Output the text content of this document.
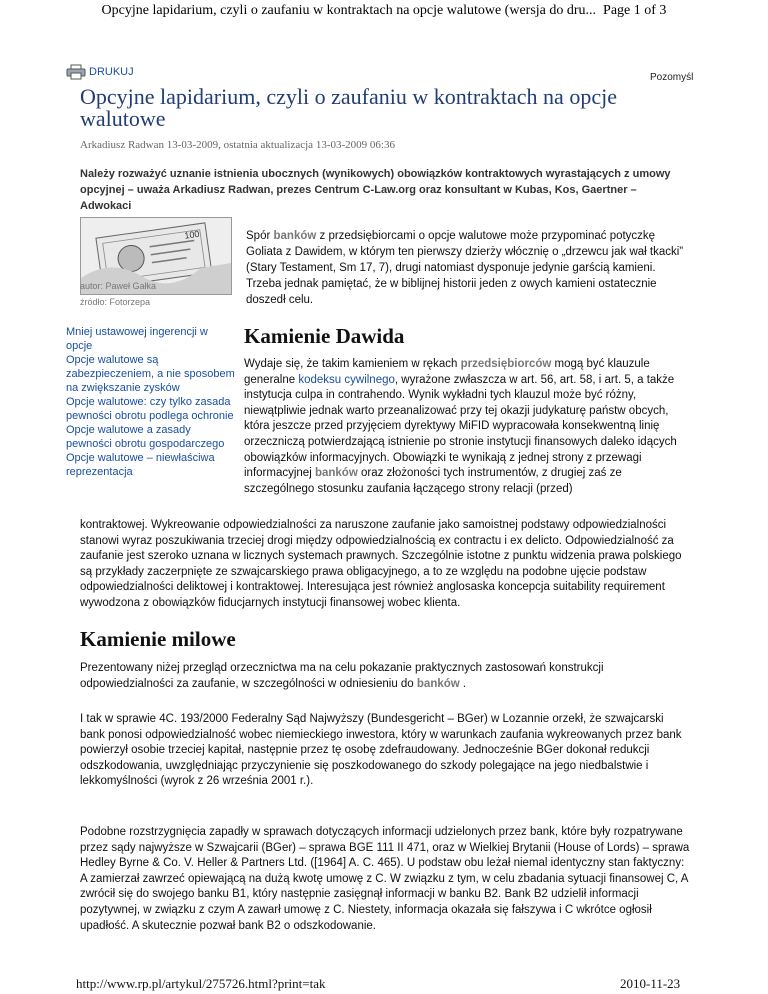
Opcyjne lapidarium, czyli o zaufaniu w kontraktach na opcje walutowe (wersja do dru... Page 1 of 3
DRUKUJ	Pozomyśl
Opcyjne lapidarium, czyli o zaufaniu w kontraktach na opcje walutowe
Arkadiusz Radwan 13-03-2009, ostatnia aktualizacja 13-03-2009 06:36
Należy rozważyć uznanie istnienia ubocznych (wynikowych) obowiązków kontraktowych wyrastających z umowy opcyjnej – uważa Arkadiusz Radwan, prezes Centrum C-Law.org oraz konsultant w Kubas, Kos, Gaertner – Adwokaci
100
autor: Paweł Gałka
źródło: Fotorzepa
Mniej ustawowej ingerencji w opcje
Opcje walutowe są zabezpieczeniem, a nie sposobem na zwiększanie zysków
Opcje walutowe: czy tylko zasada pewności obrotu podlega ochronie
Opcje walutowe a zasady pewności obrotu gospodarczego
Opcje walutowe – niewłaściwa reprezentacja
Spór banków z przedsiębiorcami o opcje walutowe może przypominać potyczkę Goliata z Dawidem, w którym ten pierwszy dzierży włócznię o „drzewcu jak wał tkacki” (Stary Testament, Sm 17, 7), drugi natomiast dysponuje jedynie garścią kamieni. Trzeba jednak pamiętać, że w biblijnej historii jeden z owych kamieni ostatecznie doszedł celu.
Kamienie Dawida
Wydaje się, że takim kamieniem w rękach przedsiębiorców mogą być klauzule generalne kodeksu cywilnego, wyrażone zwłaszcza w art. 56, art. 58, i art. 5, a także instytucja culpa in contrahendo. Wynik wykładni tych klauzul może być różny, niewątpliwie jednak warto przeanalizować przy tej okazji judykaturę państw obcych, która jeszcze przed przyjęciem dyrektywy MiFID wypracowała konsekwentną linię orzeczniczą potwierdzającą istnienie po stronie instytucji finansowych daleko idących obowiązków informacyjnych. Obowiązki te wynikają z jednej strony z przewagi informacyjnej banków oraz złożoności tych instrumentów, z drugiej zaś ze szczególnego stosunku zaufania łączącego strony relacji (przed)
kontraktowej. Wykreowanie odpowiedzialności za naruszone zaufanie jako samoistnej podstawy odpowiedzialności stanowi wyraz poszukiwania trzeciej drogi między odpowiedzialnością ex contractu i ex delicto. Odpowiedzialność za zaufanie jest szeroko uznana w licznych systemach prawnych. Szczególnie istotne z punktu widzenia prawa polskiego są przykłady zaczerpnięte ze szwajcarskiego prawa obligacyjnego, a to ze względu na podobne ujęcie podstaw odpowiedzialności deliktowej i kontraktowej. Interesująca jest również anglosaska koncepcja suitability requirement wywodzona z obowiązków fiducjarnych instytucji finansowej wobec klienta.
Kamienie milowe
Prezentowany niżej przegląd orzecznictwa ma na celu pokazanie praktycznych zastosowań konstrukcji odpowiedzialności za zaufanie, w szczególności w odniesieniu do banków .
I tak w sprawie 4C. 193/2000 Federalny Sąd Najwyższy (Bundesgericht – BGer) w Lozannie orzekł, że szwajcarski bank ponosi odpowiedzialność wobec niemieckiego inwestora, który w warunkach zaufania wykreowanych przez bank powierzył osobie trzeciej kapitał, następnie przez tę osobę zdefraudowany. Jednocześnie BGer dokonał redukcji odszkodowania, uwzględniając przyczynienie się poszkodowanego do szkody polegające na jego niedbalstwie i lekkomyślności (wyrok z 26 września 2001 r.).
Podobne rozstrzygnięcia zapadły w sprawach dotyczących informacji udzielonych przez bank, które były rozpatrywane przez sądy najwyższe w Szwajcarii (BGer) – sprawa BGE 111 II 471, oraz w Wielkiej Brytanii (House of Lords) – sprawa Hedley Byrne & Co. V. Heller & Partners Ltd. ([1964] A. C. 465). U podstaw obu leżał niemal identyczny stan faktyczny: A zamierzał zawrzeć opiewającą na dużą kwotę umowę z C. W związku z tym, w celu zbadania sytuacji finansowej C, A zwrócił się do swojego banku B1, który następnie zasięgnął informacji w banku B2. Bank B2 udzielił informacji pozytywnej, w związku z czym A zawarł umowę z C. Niestety, informacja okazała się fałszywa i C wkrótce ogłosił upadłość. A skutecznie pozwał bank B2 o odszkodowanie.
http://www.rp.pl/artykul/275726.html?print=tak	2010-11-23
